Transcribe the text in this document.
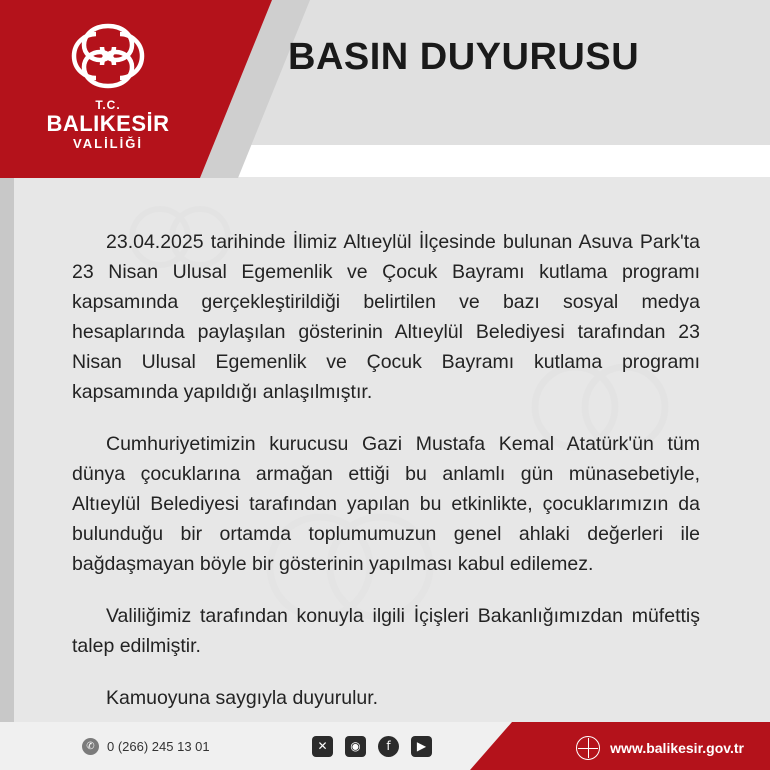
T.C.
BALIKESİR
VALİLİĞİ
BASIN DUYURUSU

23.04.2025 tarihinde İlimiz Altıeylül İlçesinde bulunan Asuva Park'ta 23 Nisan Ulusal Egemenlik ve Çocuk Bayramı kutlama programı kapsamında gerçekleştirildiği belirtilen ve bazı sosyal medya hesaplarında paylaşılan gösterinin Altıeylül Belediyesi tarafından 23 Nisan Ulusal Egemenlik ve Çocuk Bayramı kutlama programı kapsamında yapıldığı anlaşılmıştır.

Cumhuriyetimizin kurucusu Gazi Mustafa Kemal Atatürk'ün tüm dünya çocuklarına armağan ettiği bu anlamlı gün münasebetiyle, Altıeylül Belediyesi tarafından yapılan bu etkinlikte, çocuklarımızın da bulunduğu bir ortamda toplumumuzun genel ahlaki değerleri ile bağdaşmayan böyle bir gösterinin yapılması kabul edilemez.

Valiliğimiz tarafından konuyla ilgili İçişleri Bakanlığımızdan müfettiş talep edilmiştir.

Kamuoyuna saygıyla duyurulur.

✆ 0 (266) 245 13 01	✕	◉	f	▶	www.balikesir.gov.tr
